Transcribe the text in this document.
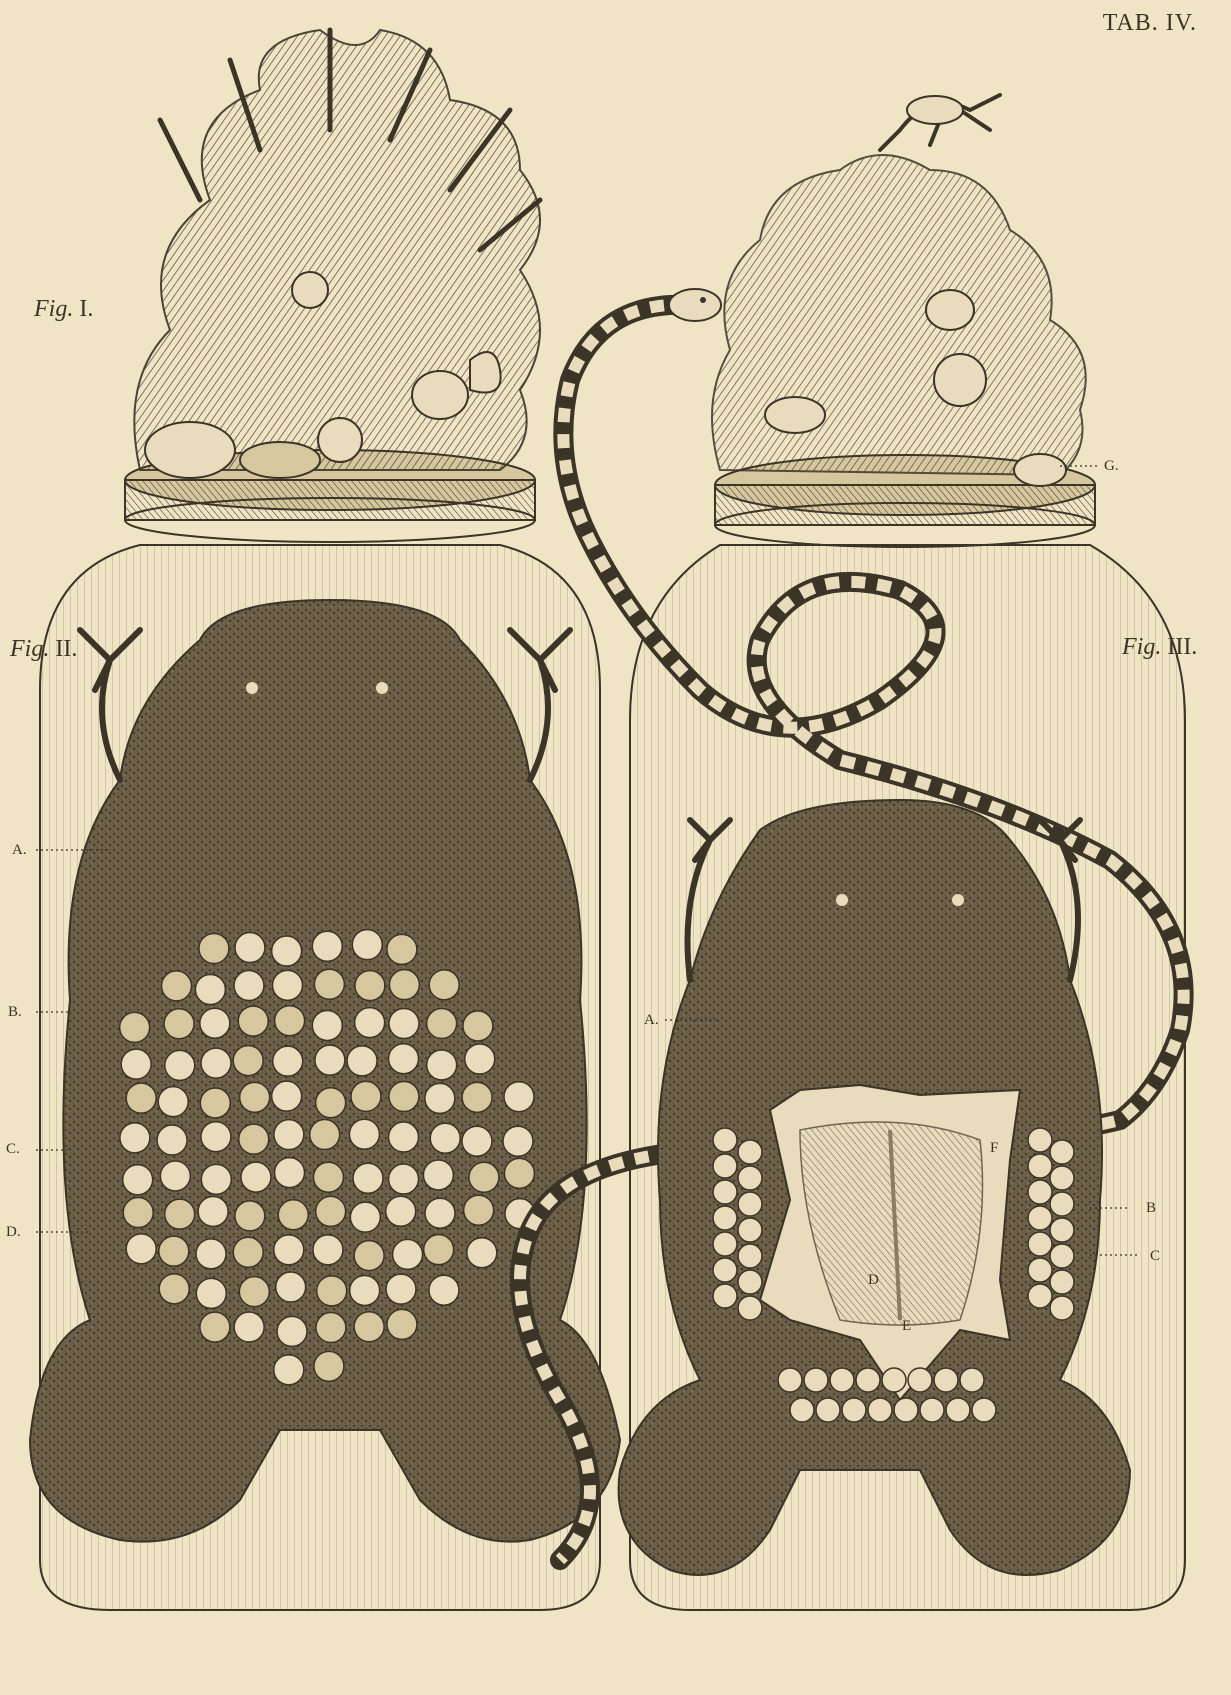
TAB. IV.
Fig. I.
Fig. II.	Fig. III.
A.
B.
C.
D.
A.
B
C
D
E
F
G.
